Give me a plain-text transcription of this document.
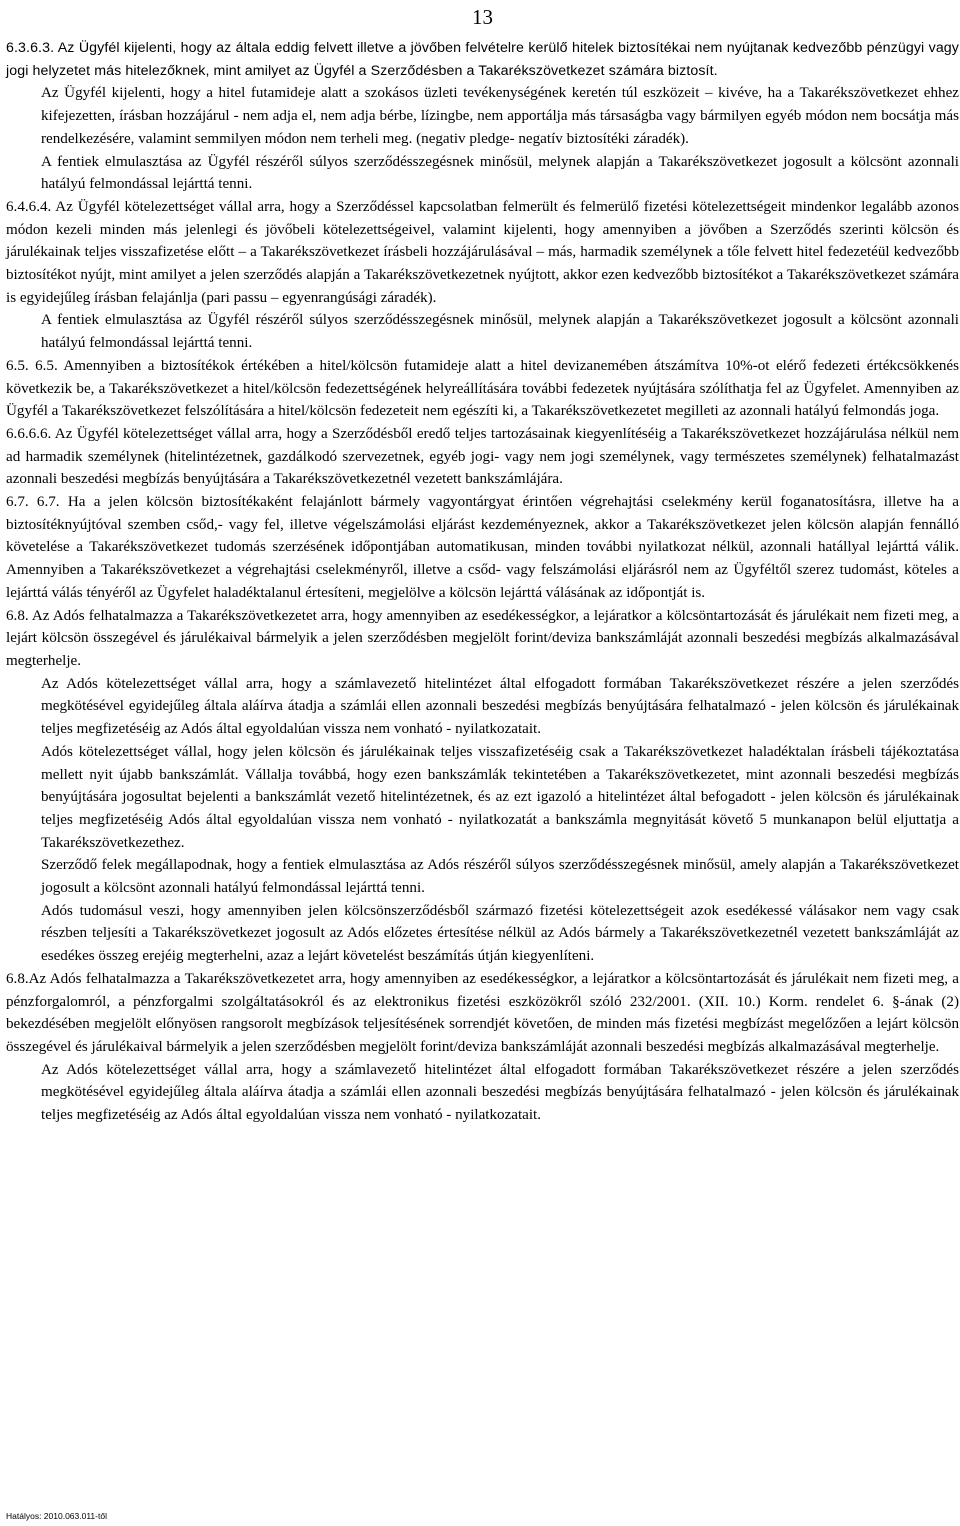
13

6.3.6.3. Az Ügyfél kijelenti, hogy az általa eddig felvett illetve a jövőben felvételre kerülő hitelek biztosítékai nem nyújtanak kedvezőbb pénzügyi vagy jogi helyzetet más hitelezőknek, mint amilyet az Ügyfél a Szerződésben a Takarékszövetkezet számára biztosít.

Az Ügyfél kijelenti, hogy a hitel futamideje alatt a szokásos üzleti tevékenységének keretén túl eszközeit – kivéve, ha a Takarékszövetkezet ehhez kifejezetten, írásban hozzájárul - nem adja el, nem adja bérbe, lízingbe, nem apportálja más társaságba vagy bármilyen egyéb módon nem bocsátja más rendelkezésére, valamint semmilyen módon nem terheli meg. (negativ pledge- negatív biztosítéki záradék).

A fentiek elmulasztása az Ügyfél részéről súlyos szerződésszegésnek minősül, melynek alapján a Takarékszövetkezet jogosult a kölcsönt azonnali hatályú felmondással lejárttá tenni.

6.4.6.4. Az Ügyfél kötelezettséget vállal arra, hogy a Szerződéssel kapcsolatban felmerült és felmerülő fizetési kötelezettségeit mindenkor legalább azonos módon kezeli minden más jelenlegi és jövőbeli kötelezettségeivel, valamint kijelenti, hogy amennyiben a jövőben a Szerződés szerinti kölcsön és járulékainak teljes visszafizetése előtt – a Takarékszövetkezet írásbeli hozzájárulásával – más, harmadik személynek a tőle felvett hitel fedezetéül kedvezőbb biztosítékot nyújt, mint amilyet a jelen szerződés alapján a Takarékszövetkezetnek nyújtott, akkor ezen kedvezőbb biztosítékot a Takarékszövetkezet számára is egyidejűleg írásban felajánlja (pari passu – egyenrangúsági záradék).

A fentiek elmulasztása az Ügyfél részéről súlyos szerződésszegésnek minősül, melynek alapján a Takarékszövetkezet jogosult a kölcsönt azonnali hatályú felmondással lejárttá tenni.

6.5. 6.5. Amennyiben a biztosítékok értékében a hitel/kölcsön futamideje alatt a hitel devizanemében átszámítva 10%-ot elérő fedezeti értékcsökkenés következik be, a Takarékszövetkezet a hitel/kölcsön fedezettségének helyreállítására további fedezetek nyújtására szólíthatja fel az Ügyfelet. Amennyiben az Ügyfél a Takarékszövetkezet felszólítására a hitel/kölcsön fedezeteit nem egészíti ki, a Takarékszövetkezetet megilleti az azonnali hatályú felmondás joga.

6.6.6.6. Az Ügyfél kötelezettséget vállal arra, hogy a Szerződésből eredő teljes tartozásainak kiegyenlítéséig a Takarékszövetkezet hozzájárulása nélkül nem ad harmadik személynek (hitelintézetnek, gazdálkodó szervezetnek, egyéb jogi- vagy nem jogi személynek, vagy természetes személynek) felhatalmazást azonnali beszedési megbízás benyújtására a Takarékszövetkezetnél vezetett bankszámlájára.

6.7. 6.7. Ha a jelen kölcsön biztosítékaként felajánlott bármely vagyontárgyat érintően végrehajtási cselekmény kerül foganatosításra, illetve ha a biztosítéknyújtóval szemben csőd,- vagy fel, illetve végelszámolási eljárást kezdeményeznek, akkor a Takarékszövetkezet jelen kölcsön alapján fennálló követelése a Takarékszövetkezet tudomás szerzésének időpontjában automatikusan, minden további nyilatkozat nélkül, azonnali hatállyal lejárttá válik. Amennyiben a Takarékszövetkezet a végrehajtási cselekményről, illetve a csőd- vagy felszámolási eljárásról nem az Ügyféltől szerez tudomást, köteles a lejárttá válás tényéről az Ügyfelet haladéktalanul értesíteni, megjelölve a kölcsön lejárttá válásának az időpontját is.

6.8. Az Adós felhatalmazza a Takarékszövetkezetet arra, hogy amennyiben az esedékességkor, a lejáratkor a kölcsöntartozását és járulékait nem fizeti meg, a lejárt kölcsön összegével és járulékaival bármelyik a jelen szerződésben megjelölt forint/deviza bankszámláját azonnali beszedési megbízás alkalmazásával megterhelje.

Az Adós kötelezettséget vállal arra, hogy a számlavezető hitelintézet által elfogadott formában Takarékszövetkezet részére a jelen szerződés megkötésével egyidejűleg általa aláírva átadja a számlái ellen azonnali beszedési megbízás benyújtására felhatalmazó - jelen kölcsön és járulékainak teljes megfizetéséig az Adós által egyoldalúan vissza nem vonható - nyilatkozatait.

Adós kötelezettséget vállal, hogy jelen kölcsön és járulékainak teljes visszafizetéséig csak a Takarékszövetkezet haladéktalan írásbeli tájékoztatása mellett nyit újabb bankszámlát. Vállalja továbbá, hogy ezen bankszámlák tekintetében a Takarékszövetkezetet, mint azonnali beszedési megbízás benyújtására jogosultat bejelenti a bankszámlát vezető hitelintézetnek, és az ezt igazoló a hitelintézet által befogadott - jelen kölcsön és járulékainak teljes megfizetéséig Adós által egyoldalúan vissza nem vonható - nyilatkozatát a bankszámla megnyitását követő 5 munkanapon belül eljuttatja a Takarékszövetkezethez.

Szerződő felek megállapodnak, hogy a fentiek elmulasztása az Adós részéről súlyos szerződésszegésnek minősül, amely alapján a Takarékszövetkezet jogosult a kölcsönt azonnali hatályú felmondással lejárttá tenni.

Adós tudomásul veszi, hogy amennyiben jelen kölcsönszerződésből származó fizetési kötelezettségeit azok esedékessé válásakor nem vagy csak részben teljesíti a Takarékszövetkezet jogosult az Adós előzetes értesítése nélkül az Adós bármely a Takarékszövetkezetnél vezetett bankszámláját az esedékes összeg erejéig megterhelni, azaz a lejárt követelést beszámítás útján kiegyenlíteni.

6.8.Az Adós felhatalmazza a Takarékszövetkezetet arra, hogy amennyiben az esedékességkor, a lejáratkor a kölcsöntartozását és járulékait nem fizeti meg, a pénzforgalomról, a pénzforgalmi szolgáltatásokról és az elektronikus fizetési eszközökről szóló 232/2001. (XII. 10.) Korm. rendelet 6. §-ának (2) bekezdésében megjelölt előnyösen rangsorolt megbízások teljesítésének sorrendjét követően, de minden más fizetési megbízást megelőzően a lejárt kölcsön összegével és járulékaival bármelyik a jelen szerződésben megjelölt forint/deviza bankszámláját azonnali beszedési megbízás alkalmazásával megterhelje.

Az Adós kötelezettséget vállal arra, hogy a számlavezető hitelintézet által elfogadott formában Takarékszövetkezet részére a jelen szerződés megkötésével egyidejűleg általa aláírva átadja a számlái ellen azonnali beszedési megbízás benyújtására felhatalmazó - jelen kölcsön és járulékainak teljes megfizetéséig az Adós által egyoldalúan vissza nem vonható - nyilatkozatait.

Hatályos: 2010.063.011-től
